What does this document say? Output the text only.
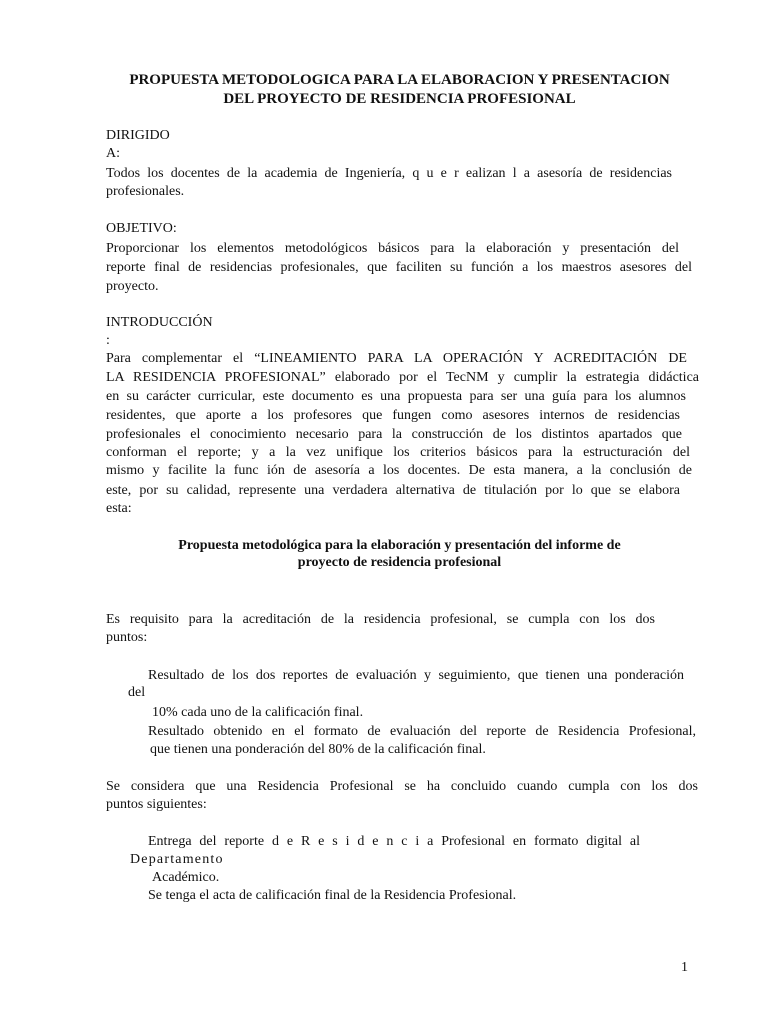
PROPUESTA METODOLOGICA PARA LA ELABORACION Y PRESENTACION
DEL PROYECTO DE RESIDENCIA PROFESIONAL
DIRIGIDO
A:
Todos los docentes de la academia de Ingeniería, q u e r ealizan l a asesoría de residencias
profesionales.
OBJETIVO:
Proporcionar los elementos metodológicos básicos para la elaboración y presentación del
reporte final de residencias profesionales, que faciliten su función a los maestros asesores del
proyecto.
INTRODUCCIÓN
:
Para complementar el “LINEAMIENTO PARA LA OPERACIÓN Y ACREDITACIÓN DE
LA RESIDENCIA PROFESIONAL” elaborado por el TecNM y cumplir la estrategia didáctica
en su carácter curricular, este documento es una propuesta para ser una guía para los alumnos
residentes, que aporte a los profesores que fungen como asesores internos de residencias
profesionales el conocimiento necesario para la construcción de los distintos apartados que
conforman el reporte; y a la vez unifique los criterios básicos para la estructuración del
mismo y facilite la func ión de asesoría a los docentes. De esta manera, a la conclusión de
este, por su calidad, represente una verdadera alternativa de titulación por lo que se elabora
esta:
Propuesta metodológica para la elaboración y presentación del informe de
proyecto de residencia profesional
Es requisito para la acreditación de la residencia profesional, se cumpla con los dos
puntos:
Resultado de los dos reportes de evaluación y seguimiento, que tienen una ponderación
del
10% cada uno de la calificación final.
Resultado obtenido en el formato de evaluación del reporte de Residencia Profesional,
que tienen una ponderación del 80% de la calificación final.
Se considera que una Residencia Profesional se ha concluido cuando cumpla con los dos
puntos siguientes:
Entrega del reporte d e R e s i d e n c i a Profesional en formato digital al
Departamento
Académico.
Se tenga el acta de calificación final de la Residencia Profesional.
1
